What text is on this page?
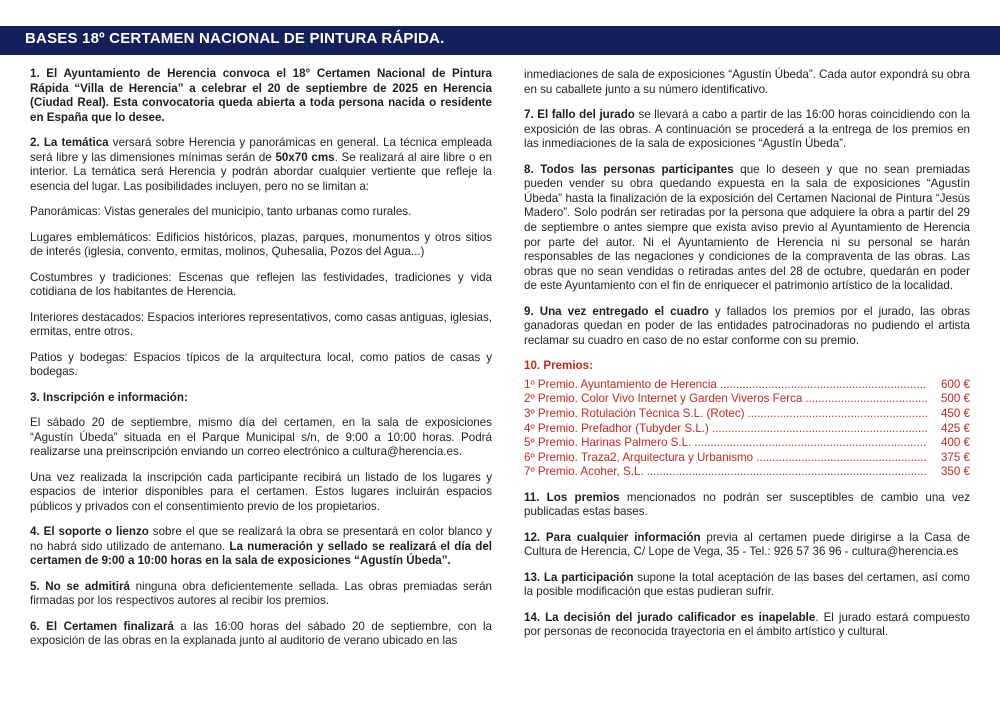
BASES 18º CERTAMEN NACIONAL DE PINTURA RÁPIDA.

1. El Ayuntamiento de Herencia convoca el 18° Certamen Nacional de Pintura Rápida “Villa de Herencia” a celebrar el 20 de septiembre de 2025 en Herencia (Ciudad Real). Esta convocatoria queda abierta a toda persona nacida o residente en España que lo desee.

2. La temática versará sobre Herencia y panorámicas en general. La técnica empleada será libre y las dimensiones mínimas serán de 50x70 cms. Se realizará al aire libre o en interior. La temática será Herencia y podrán abordar cualquier vertiente que refleje la esencia del lugar. Las posibilidades incluyen, pero no se limitan a:

Panorámicas: Vistas generales del municipio, tanto urbanas como rurales.

Lugares emblemáticos: Edificios históricos, plazas, parques, monumentos y otros sitios de interés (iglesia, convento, ermitas, molinos, Quhesalia, Pozos del Agua...)

Costumbres y tradiciones: Escenas que reflejen las festividades, tradiciones y vida cotidiana de los habitantes de Herencia.

Interiores destacados: Espacios interiores representativos, como casas antiguas, iglesias, ermitas, entre otros.

Patios y bodegas: Espacios típicos de la arquitectura local, como patios de casas y bodegas.

3. Inscripción e información:

El sábado 20 de septiembre, mismo día del certamen, en la sala de exposiciones “Agustín Úbeda” situada en el Parque Municipal s/n, de 9:00 a 10:00 horas. Podrá realizarse una preinscripción enviando un correo electrónico a cultura@herencia.es.

Una vez realizada la inscripción cada participante recibirá un listado de los lugares y espacios de interior disponibles para el certamen. Estos lugares incluirán espacios públicos y privados con el consentimiento previo de los propietarios.

4. El soporte o lienzo sobre el que se realizará la obra se presentará en color blanco y no habrá sido utilizado de antemano. La numeración y sellado se realizará el día del certamen de 9:00 a 10:00 horas en la sala de exposiciones “Agustín Úbeda”.

5. No se admitirá ninguna obra deficientemente sellada. Las obras premiadas serán firmadas por los respectivos autores al recibir los premios.

6. El Certamen finalizará a las 16:00 horas del sábado 20 de septiembre, con la exposición de las obras en la explanada junto al auditorio de verano ubicado en las

inmediaciones de sala de exposiciones “Agustín Úbeda”. Cada autor expondrá su obra en su caballete junto a su número identificativo.

7. El fallo del jurado se llevará a cabo a partir de las 16:00 horas coincidiendo con la exposición de las obras. A continuación se procederá a la entrega de los premios en las inmediaciones de la sala de exposiciones “Agustín Úbeda”.

8. Todos las personas participantes que lo deseen y que no sean premiadas pueden vender su obra quedando expuesta en la sala de exposiciones “Agustín Úbeda” hasta la finalización de la exposición del Certamen Nacional de Pintura “Jesús Madero”. Solo podrán ser retiradas por la persona que adquiere la obra a partir del 29 de septiembre o antes siempre que exista aviso previo al Ayuntamiento de Herencia por parte del autor. Ni el Ayuntamiento de Herencia ni su personal se harán responsables de las negaciones y condiciones de la compraventa de las obras. Las obras que no sean vendidas o retiradas antes del 28 de octubre, quedarán en poder de este Ayuntamiento con el fin de enriquecer el patrimonio artístico de la localidad.

9. Una vez entregado el cuadro y fallados los premios por el jurado, las obras ganadoras quedan en poder de las entidades patrocinadoras no pudiendo el artista reclamar su cuadro en caso de no estar conforme con su premio.

10. Premios:
1º Premio. Ayuntamiento de Herencia .....	600 €
2º Premio. Color Vivo Internet y Garden Viveros Ferca .....	500 €
3º Premio. Rotulación Técnica S.L. (Rotec) .....	450 €
4º Premio. Prefadhor (Tubyder S.L.) .....	425 €
5º Premio. Harinas Palmero S.L. .....	400 €
6º Premio. Traza2, Arquitectura y Urbanismo .....	375 €
7º Premio. Acoher, S.L. .....	350 €

11. Los premios mencionados no podrán ser susceptibles de cambio una vez publicadas estas bases.

12. Para cualquier información previa al certamen puede dirigirse a la Casa de Cultura de Herencia, C/ Lope de Vega, 35 - Tel.: 926 57 36 96 - cultura@herencia.es

13. La participación supone la total aceptación de las bases del certamen, así como la posible modificación que estas pudieran sufrir.

14. La decisión del jurado calificador es inapelable. El jurado estará compuesto por personas de reconocida trayectoria en el ámbito artístico y cultural.
